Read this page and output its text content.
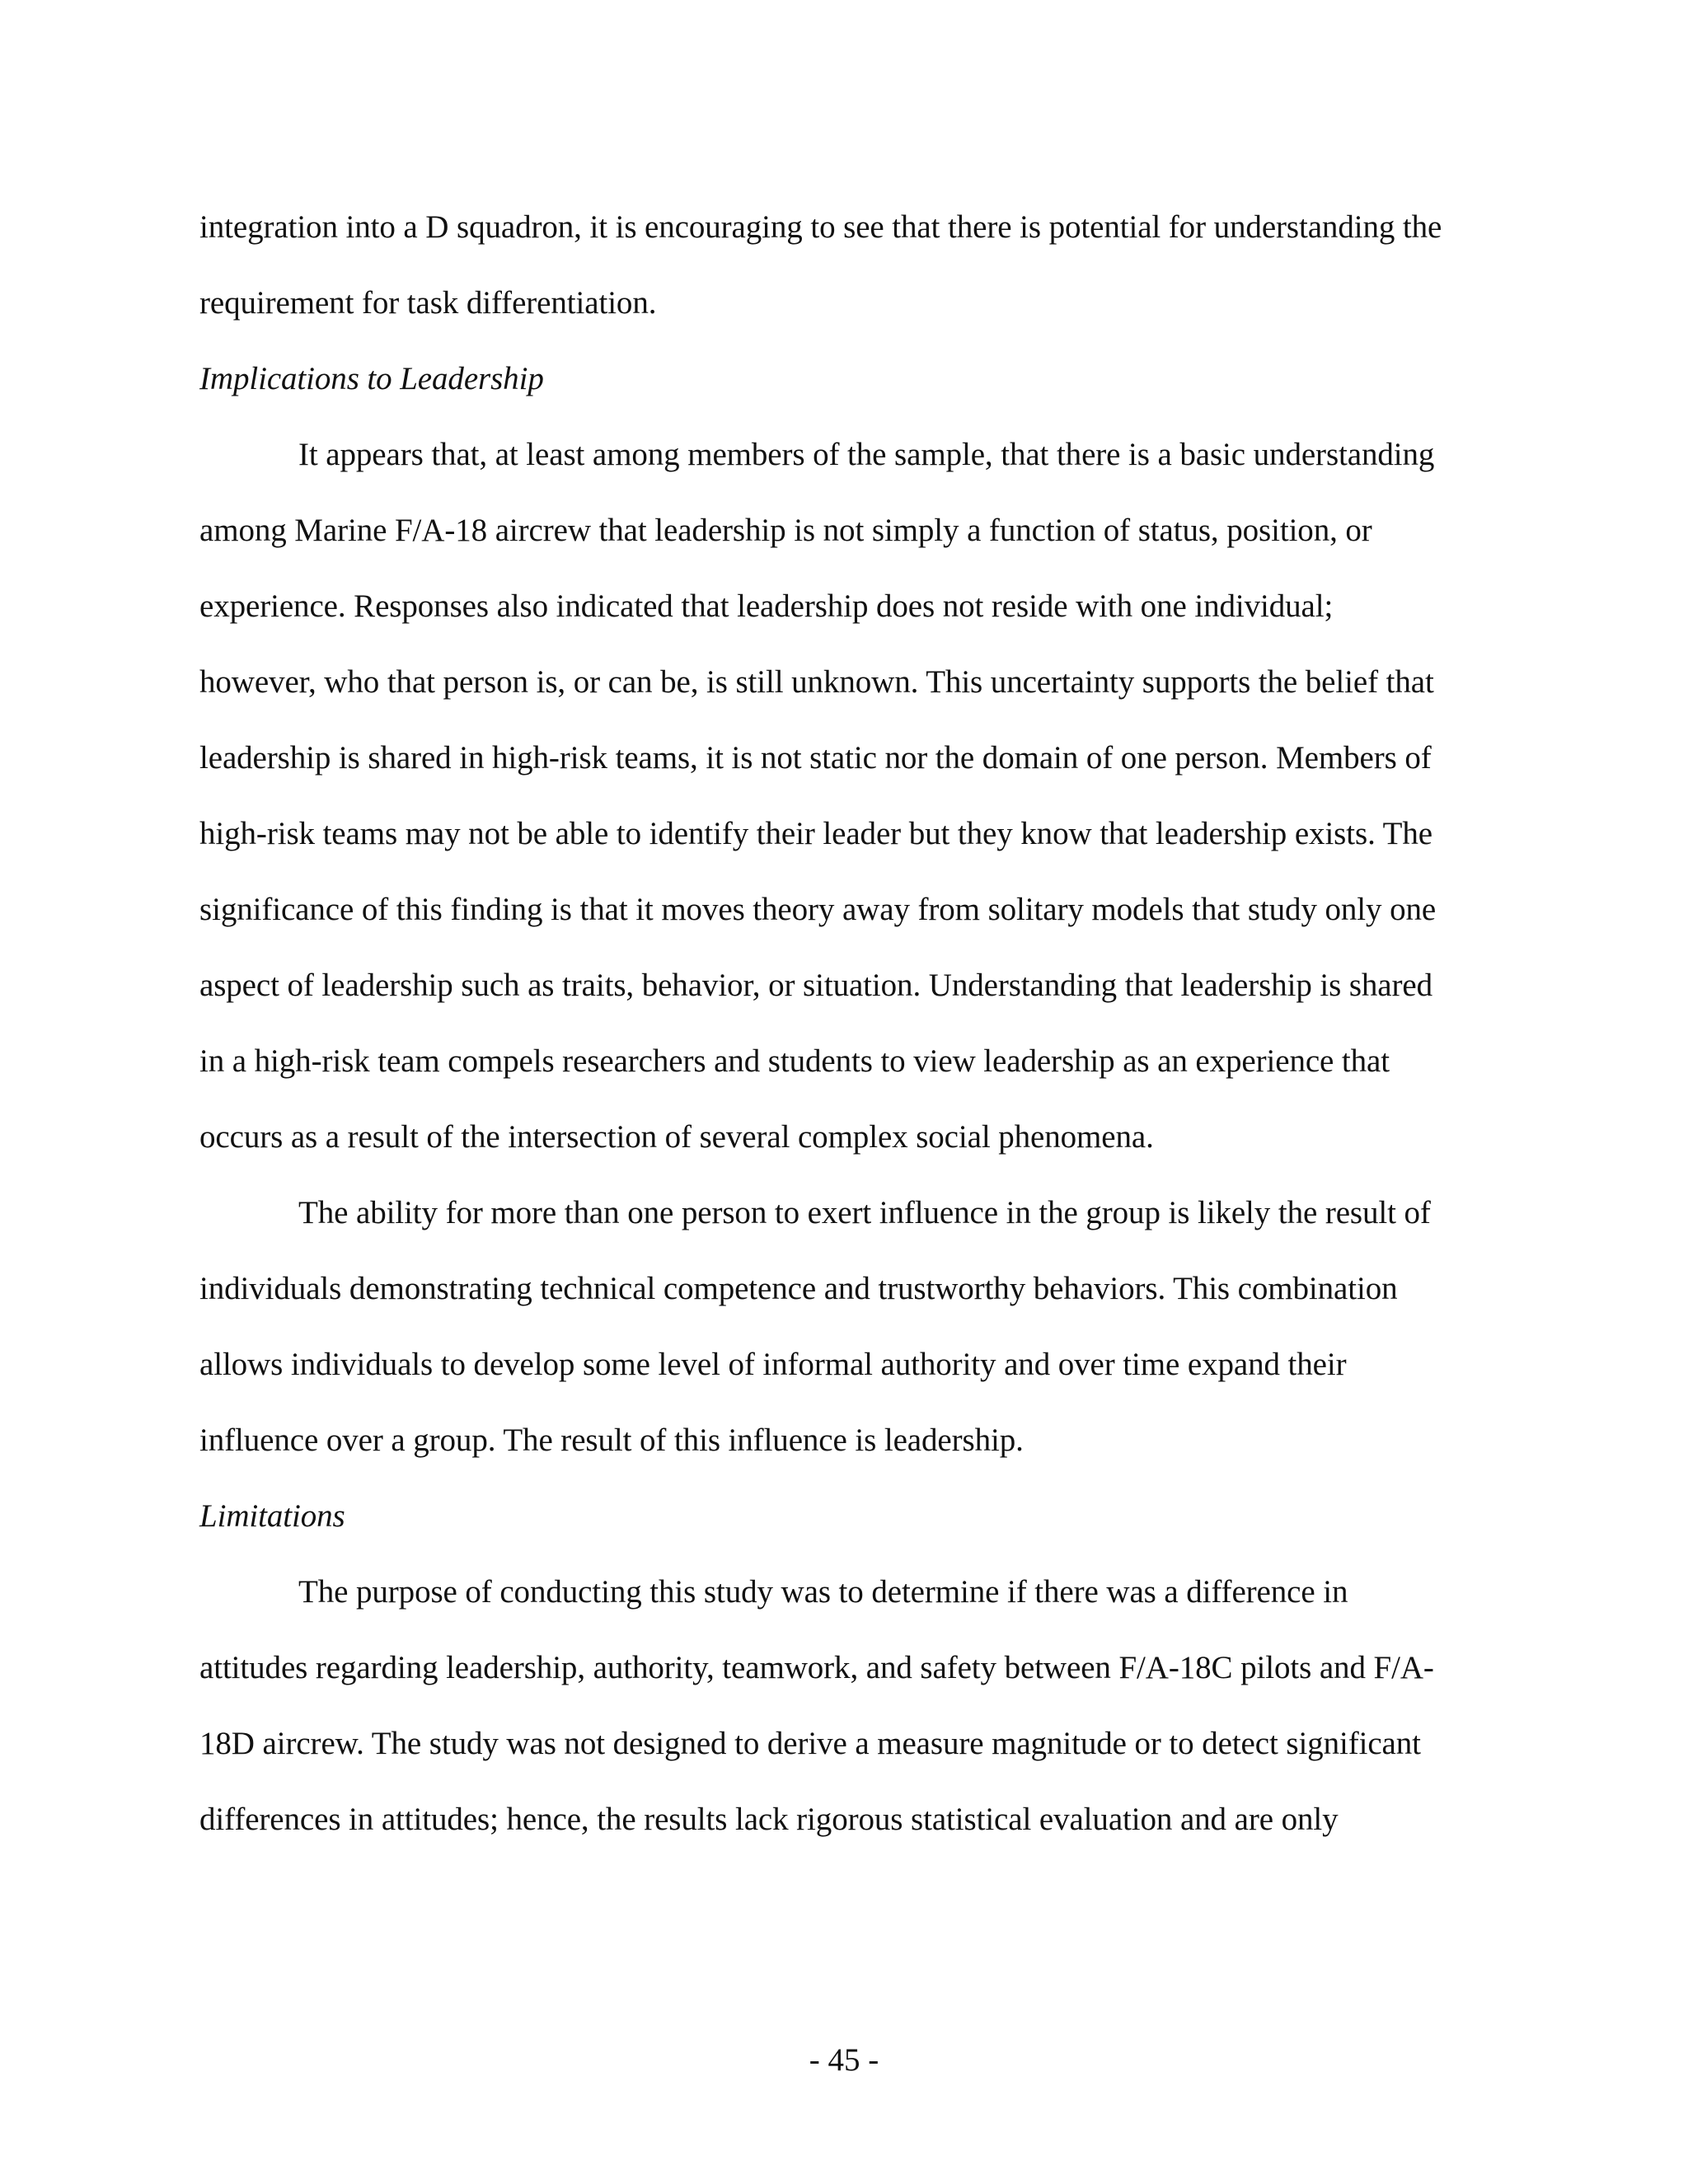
integration into a D squadron, it is encouraging to see that there is potential for understanding the
requirement for task differentiation.
Implications to Leadership
It appears that, at least among members of the sample, that there is a basic understanding
among Marine F/A-18 aircrew that leadership is not simply a function of status, position, or
experience. Responses also indicated that leadership does not reside with one individual;
however, who that person is, or can be, is still unknown. This uncertainty supports the belief that
leadership is shared in high-risk teams, it is not static nor the domain of one person. Members of
high-risk teams may not be able to identify their leader but they know that leadership exists. The
significance of this finding is that it moves theory away from solitary models that study only one
aspect of leadership such as traits, behavior, or situation. Understanding that leadership is shared
in a high-risk team compels researchers and students to view leadership as an experience that
occurs as a result of the intersection of several complex social phenomena.
The ability for more than one person to exert influence in the group is likely the result of
individuals demonstrating technical competence and trustworthy behaviors. This combination
allows individuals to develop some level of informal authority and over time expand their
influence over a group. The result of this influence is leadership.
Limitations
The purpose of conducting this study was to determine if there was a difference in
attitudes regarding leadership, authority, teamwork, and safety between F/A-18C pilots and F/A-
18D aircrew. The study was not designed to derive a measure magnitude or to detect significant
differences in attitudes; hence, the results lack rigorous statistical evaluation and are only
- 45 -
